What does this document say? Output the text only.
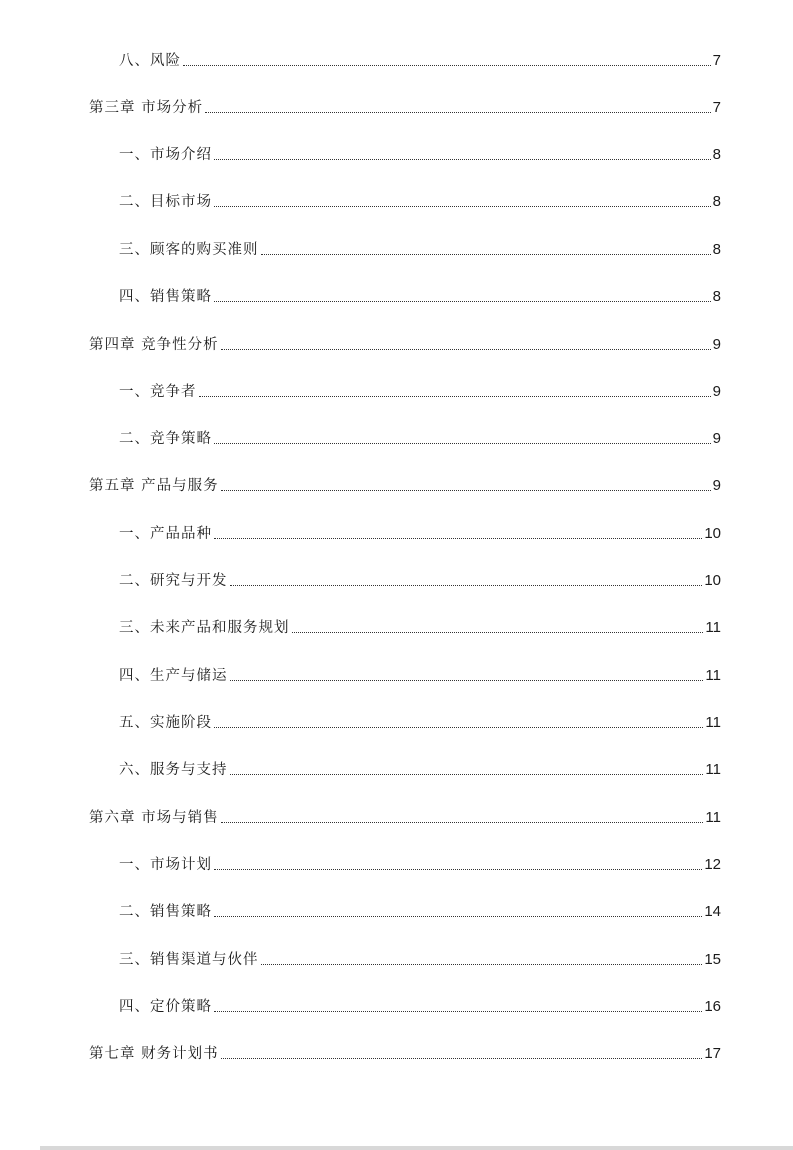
八、风险	7
第三章 市场分析	7
一、市场介绍	8
二、目标市场	8
三、顾客的购买准则	8
四、销售策略	8
第四章 竞争性分析	9
一、竞争者	9
二、竞争策略	9
第五章 产品与服务	9
一、产品品种	10
二、研究与开发	10
三、未来产品和服务规划	11
四、生产与储运	11
五、实施阶段	11
六、服务与支持	11
第六章 市场与销售	11
一、市场计划	12
二、销售策略	14
三、销售渠道与伙伴	15
四、定价策略	16
第七章 财务计划书	17
